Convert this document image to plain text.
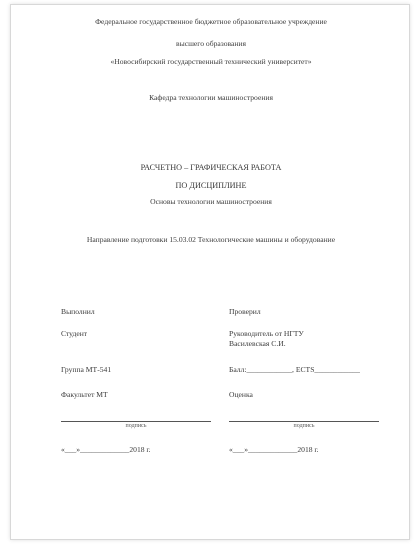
Федеральное государственное бюджетное образовательное учреждение
высшего образования
«Новосибирский государственный технический университет»
Кафедра технологии машиностроения
РАСЧЕТНО – ГРАФИЧЕСКАЯ РАБОТА
ПО ДИСЦИПЛИНЕ
Основы технологии машиностроения
Направление подготовки 15.03.02 Технологические машины и оборудование
Выполнил
Студент
Группа МТ-541
Факультет МТ
подпись
«___»_____________2018 г.
Проверил
Руководитель от НГТУ
Василевская С.И.
Балл:____________, ECTS____________
Оценка
подпись
«___»_____________2018 г.
